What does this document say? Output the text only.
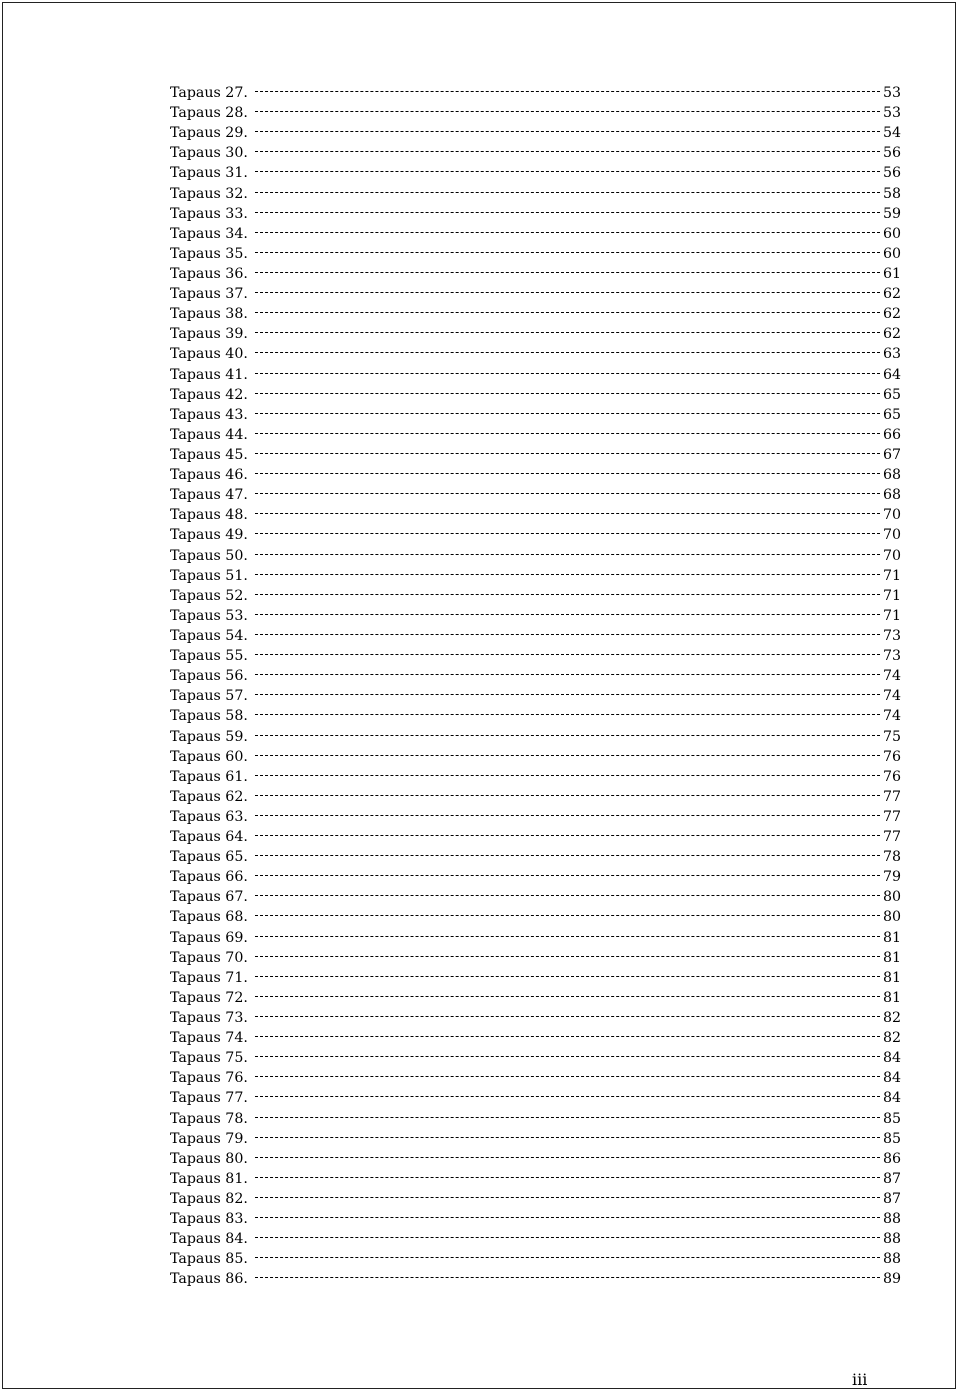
Tapaus 27.	53
Tapaus 28.	53
Tapaus 29.	54
Tapaus 30.	56
Tapaus 31.	56
Tapaus 32.	58
Tapaus 33.	59
Tapaus 34.	60
Tapaus 35.	60
Tapaus 36.	61
Tapaus 37.	62
Tapaus 38.	62
Tapaus 39.	62
Tapaus 40.	63
Tapaus 41.	64
Tapaus 42.	65
Tapaus 43.	65
Tapaus 44.	66
Tapaus 45.	67
Tapaus 46.	68
Tapaus 47.	68
Tapaus 48.	70
Tapaus 49.	70
Tapaus 50.	70
Tapaus 51.	71
Tapaus 52.	71
Tapaus 53.	71
Tapaus 54.	73
Tapaus 55.	73
Tapaus 56.	74
Tapaus 57.	74
Tapaus 58.	74
Tapaus 59.	75
Tapaus 60.	76
Tapaus 61.	76
Tapaus 62.	77
Tapaus 63.	77
Tapaus 64.	77
Tapaus 65.	78
Tapaus 66.	79
Tapaus 67.	80
Tapaus 68.	80
Tapaus 69.	81
Tapaus 70.	81
Tapaus 71.	81
Tapaus 72.	81
Tapaus 73.	82
Tapaus 74.	82
Tapaus 75.	84
Tapaus 76.	84
Tapaus 77.	84
Tapaus 78.	85
Tapaus 79.	85
Tapaus 80.	86
Tapaus 81.	87
Tapaus 82.	87
Tapaus 83.	88
Tapaus 84.	88
Tapaus 85.	88
Tapaus 86.	89
iii
